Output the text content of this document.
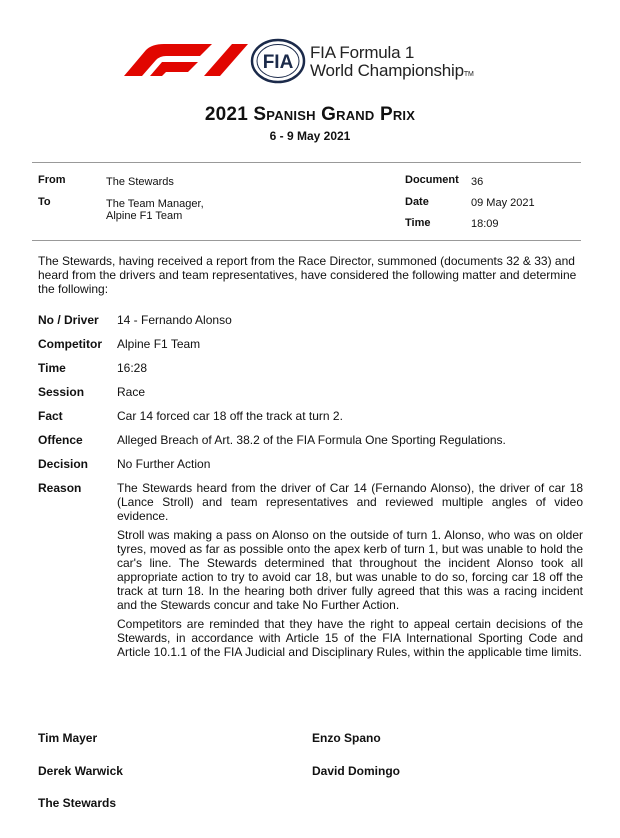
FIA FIA Formula 1
World ChampionshipTM
2021 Spanish Grand Prix
6 - 9 May 2021
From	The Stewards
To	The Team Manager,
Alpine F1 Team
Document 36
Date	09 May 2021
Time	18:09
The Stewards, having received a report from the Race Director, summoned (documents 32 & 33) and heard from the drivers and team representatives, have considered the following matter and determine the following:
No / Driver 14 - Fernando Alonso
Competitor Alpine F1 Team
Time	16:28
Session	Race
Fact	Car 14 forced car 18 off the track at turn 2.
Offence	Alleged Breach of Art. 38.2 of the FIA Formula One Sporting Regulations.
Decision No Further Action
Reason	The Stewards heard from the driver of Car 14 (Fernando Alonso), the driver of car 18 (Lance Stroll) and team representatives and reviewed multiple angles of video evidence.

Stroll was making a pass on Alonso on the outside of turn 1. Alonso, who was on older tyres, moved as far as possible onto the apex kerb of turn 1, but was unable to hold the car's line. The Stewards determined that throughout the incident Alonso took all appropriate action to try to avoid car 18, but was unable to do so, forcing car 18 off the track at turn 18. In the hearing both driver fully agreed that this was a racing incident and the Stewards concur and take No Further Action.

Competitors are reminded that they have the right to appeal certain decisions of the Stewards, in accordance with Article 15 of the FIA International Sporting Code and Article 10.1.1 of the FIA Judicial and Disciplinary Rules, within the applicable time limits.

Tim Mayer	Enzo Spano
Derek Warwick	David Domingo
The Stewards
